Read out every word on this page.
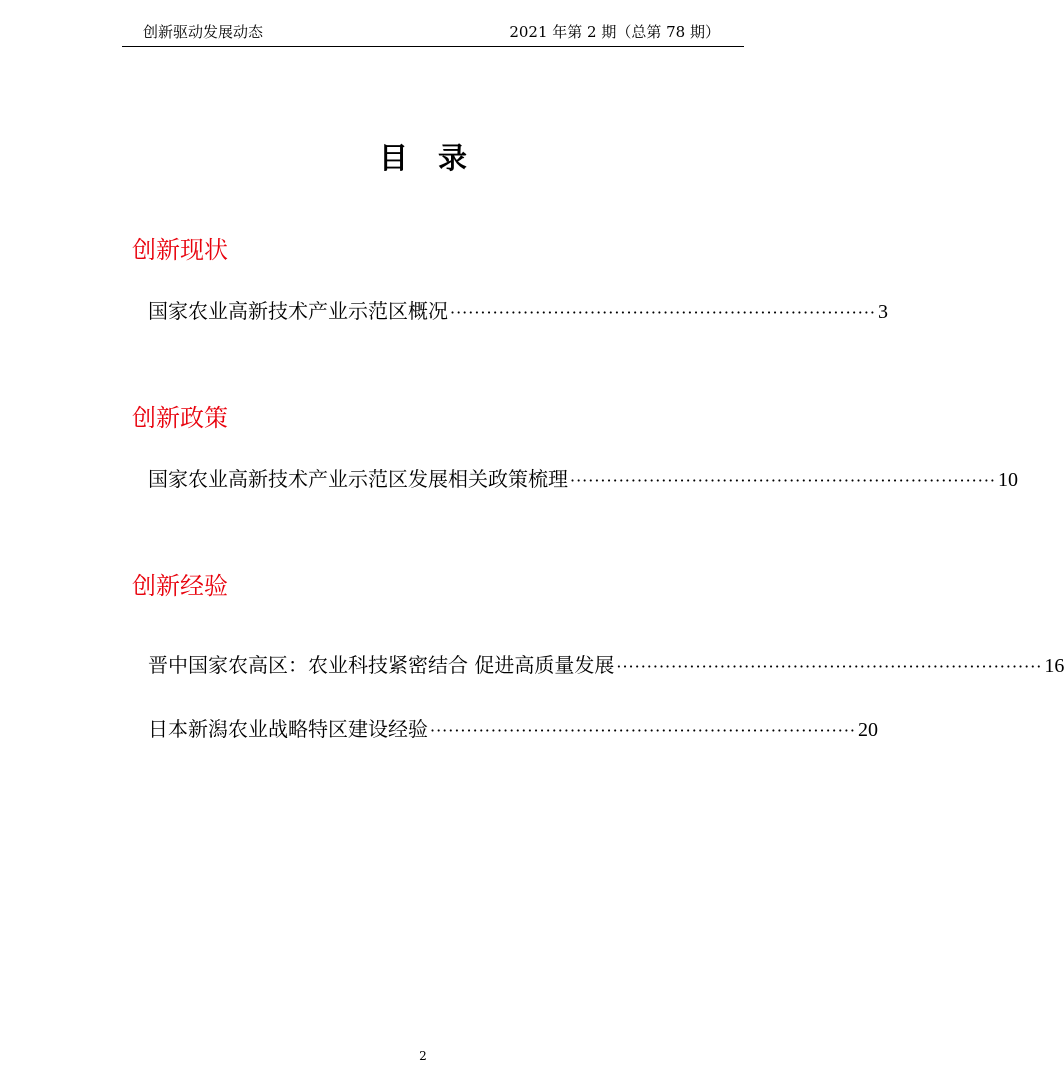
创新驱动发展动态	2021 年第 2 期（总第 78 期）
目录
创新现状
国家农业高新技术产业示范区概况 ······································································ 3
创新政策
国家农业高新技术产业示范区发展相关政策梳理 ······································································ 10
创新经验
晋中国家农高区：农业科技紧密结合 促进高质量发展 ······································································ 16
日本新潟农业战略特区建设经验 ······································································ 20
2
